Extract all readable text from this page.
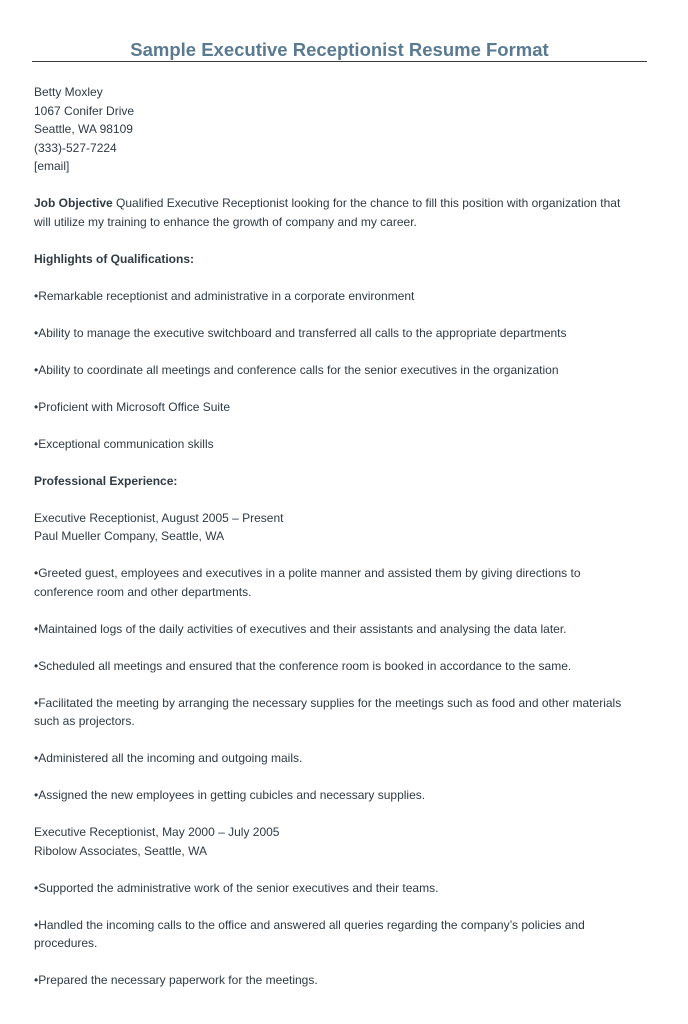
Sample Executive Receptionist Resume Format
Betty Moxley
1067 Conifer Drive
Seattle, WA 98109
(333)-527-7224
[email]
Job Objective Qualified Executive Receptionist looking for the chance to fill this position with organization that will utilize my training to enhance the growth of company and my career.
Highlights of Qualifications:
• Remarkable receptionist and administrative in a corporate environment
• Ability to manage the executive switchboard and transferred all calls to the appropriate departments
• Ability to coordinate all meetings and conference calls for the senior executives in the organization
• Proficient with Microsoft Office Suite
• Exceptional communication skills
Professional Experience:
Executive Receptionist, August 2005 – Present
Paul Mueller Company, Seattle, WA
• Greeted guest, employees and executives in a polite manner and assisted them by giving directions to conference room and other departments.
• Maintained logs of the daily activities of executives and their assistants and analysing the data later.
• Scheduled all meetings and ensured that the conference room is booked in accordance to the same.
• Facilitated the meeting by arranging the necessary supplies for the meetings such as food and other materials such as projectors.
• Administered all the incoming and outgoing mails.
• Assigned the new employees in getting cubicles and necessary supplies.
Executive Receptionist, May 2000 – July 2005
Ribolow Associates, Seattle, WA
• Supported the administrative work of the senior executives and their teams.
• Handled the incoming calls to the office and answered all queries regarding the company’s policies and procedures.
• Prepared the necessary paperwork for the meetings.
